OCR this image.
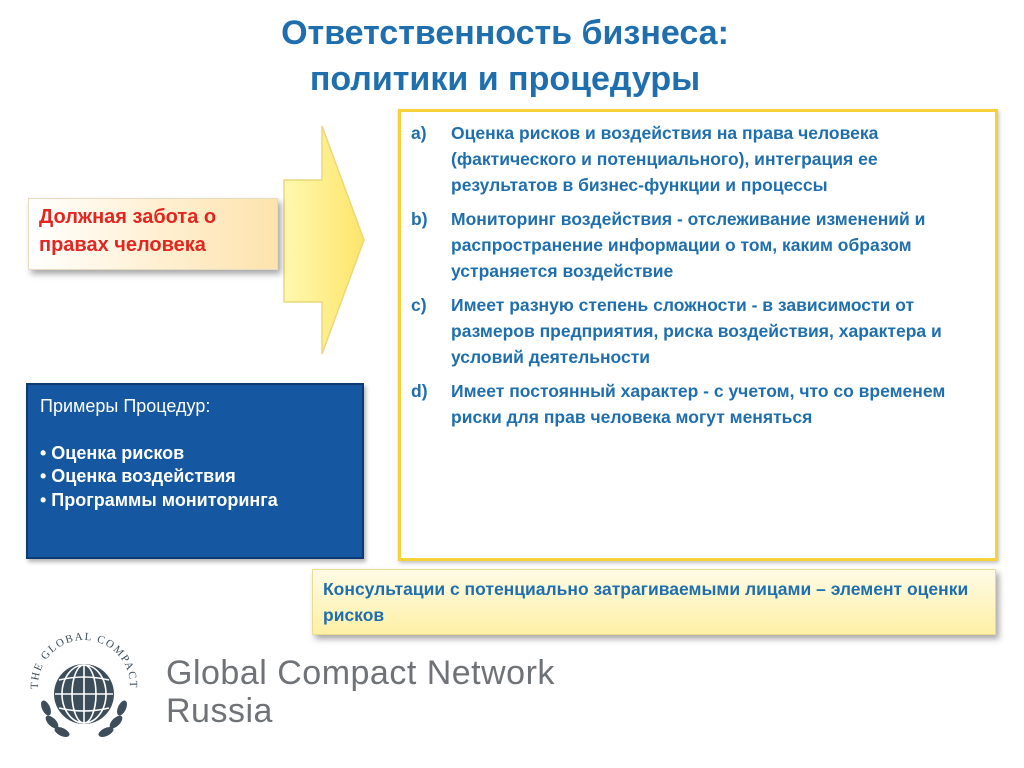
Ответственность бизнеса:
политики и процедуры
Должная забота о правах человека
Примеры Процедур:
• Оценка рисков
• Оценка воздействия
• Программы мониторинга
a)	Оценка рисков и воздействия на права человека (фактического и потенциального), интеграция ее результатов в бизнес-функции и процессы
b)	Мониторинг воздействия - отслеживание изменений и распространение информации о том, каким образом устраняется воздействие
c)	Имеет разную степень сложности - в зависимости от размеров предприятия, риска воздействия, характера и условий деятельности
d)	Имеет постоянный характер - с учетом, что со временем риски для прав человека могут меняться
Консультации с потенциально затрагиваемыми лицами – элемент оценки рисков
THE GLOBAL COMPACT Global Compact Network
Russia
